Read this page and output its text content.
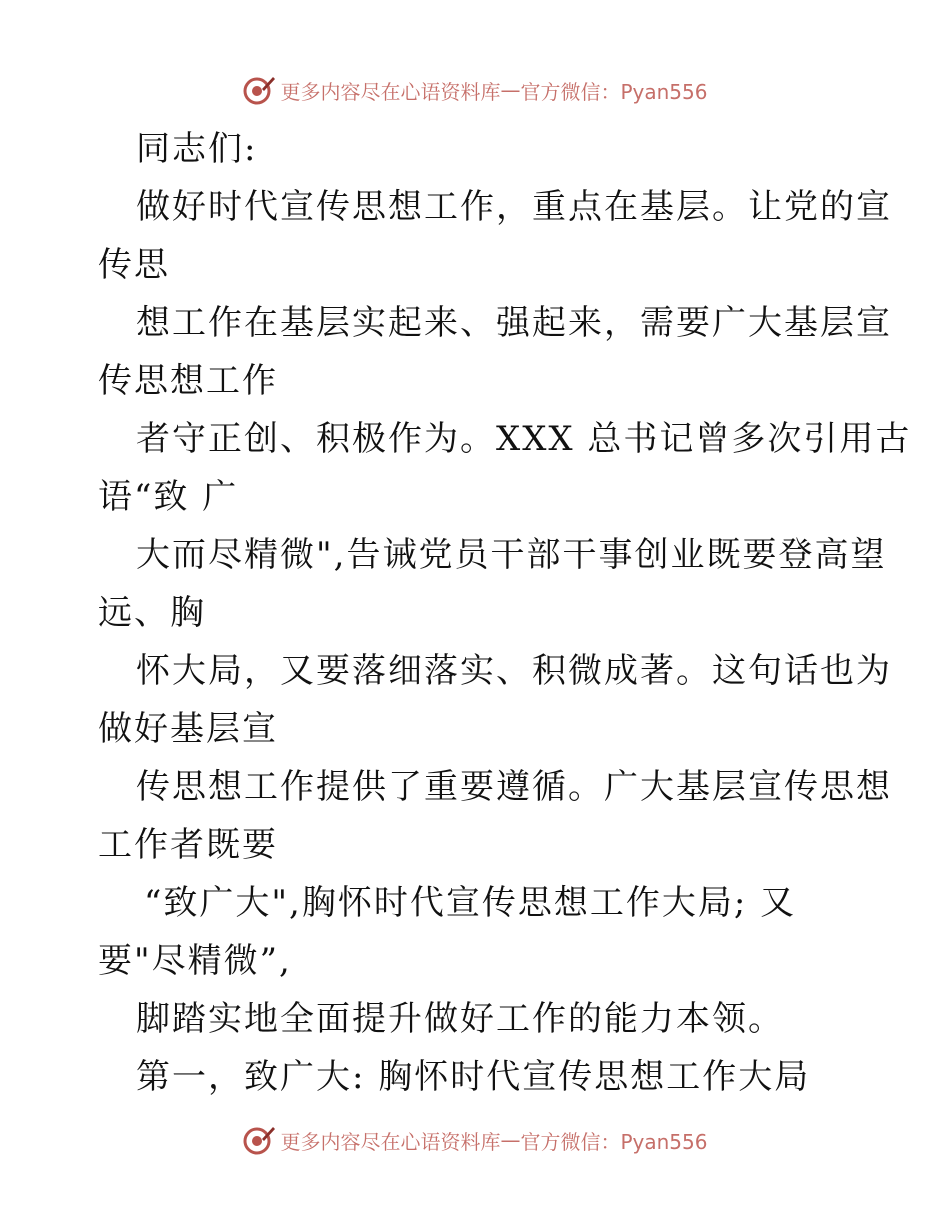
更多内容尽在心语资料库 — 官方微信：Pyan556
同志们:
做好时代宣传思想工作，重点在基层。让党的宣
传思
想工作在基层实起来、强起来，需要广大基层宣
传思想工作
者守正创、积极作为。XXX 总书记曾多次引用古
语“致 广
大而尽精微",告诫党员干部干事创业既要登高望
远、胸
怀大局，又要落细落实、积微成著。这句话也为
做好基层宣
传思想工作提供了重要遵循。广大基层宣传思想
工作者既要
“致广大",胸怀时代宣传思想工作大局; 又
要"尽精微”,
脚踏实地全面提升做好工作的能力本领。
第一，致广大: 胸怀时代宣传思想工作大局
更多内容尽在心语资料库 — 官方微信：Pyan556
